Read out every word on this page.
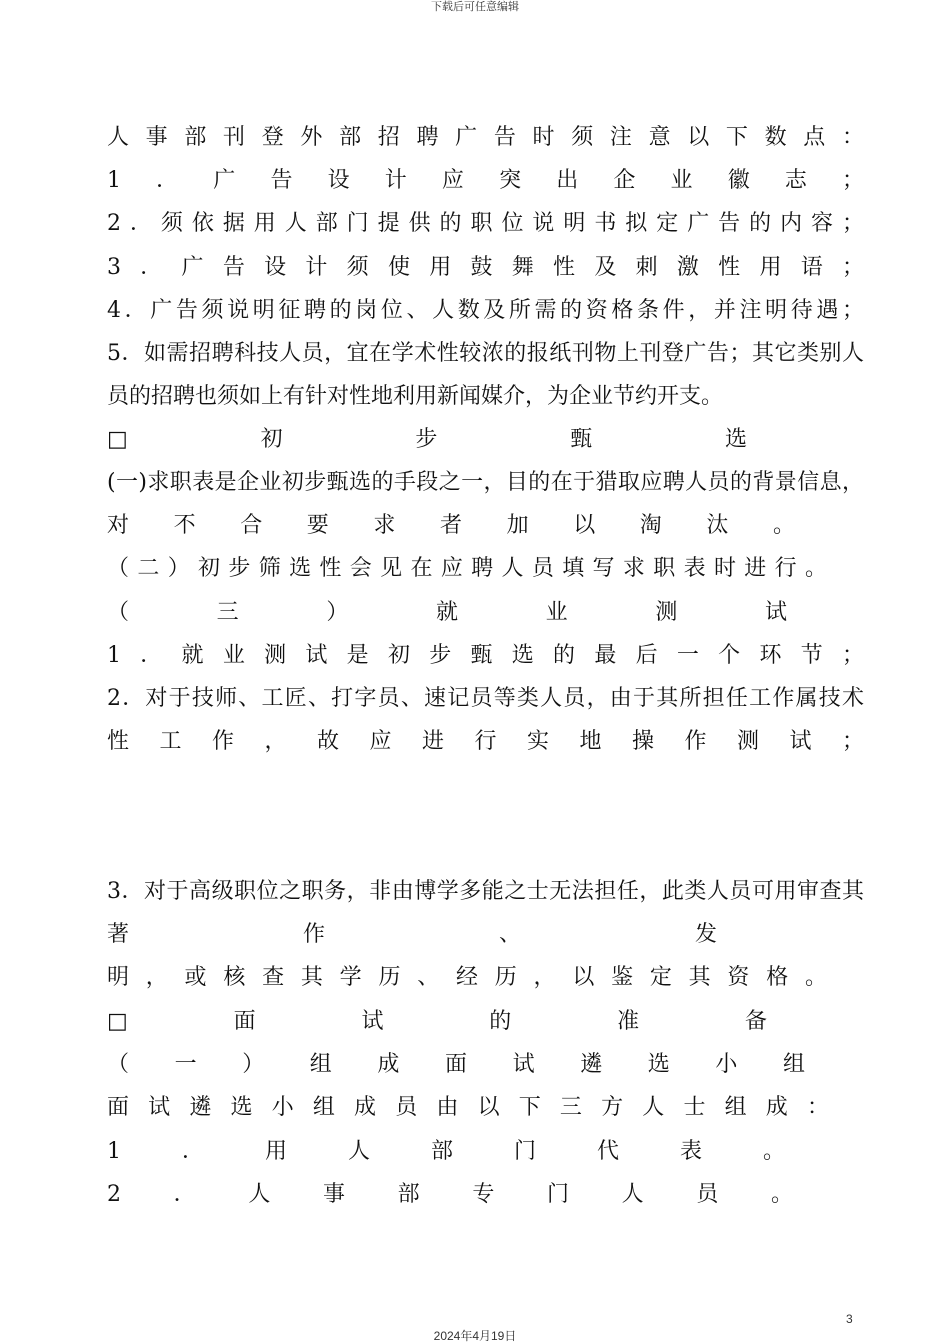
下载后可任意编辑
人​事​部​刊​登​外​部​招​聘​广​告​时​须​注​意​以​下​数​点​：
1​．​广​告​设​计​应​突​出​企​业​徽​志​；
2​．​须​依​据​用​人​部​门​提​供​的​职​位​说​明​书​拟​定​广​告​的​内​容​；
3​．​广​告​设​计​须​使​用​鼓​舞​性​及​刺​激​性​用​语​；
4​．​广​告​须​说​明​征​聘​的​岗​位​、​人​数​及​所​需​的​资​格​条​件​，​并​注​明​待​遇​；
5​．​如​需​招​聘​科​技​人​员​，​宜​在​学​术​性​较​浓​的​报​纸​刊​物​上​刊​登​广​告​；​其​它​类​别​人
员的招聘也须如上有针对性地利用新闻媒介，为企业节约开支。
□​初​步​甄​选
(​一​)​求​职​表​是​企​业​初​步​甄​选​的​手​段​之​一​，​目​的​在​于​猎​取​应​聘​人​员​的​背​景​信​息​，
对​不​合​要​求​者​加​以​淘​汰​。
（​二​）​初​步​筛​选​性​会​见​在​应​聘​人​员​填​写​求​职​表​时​进​行​。
（​三​）​就​业​测​试
1​．​就​业​测​试​是​初​步​甄​选​的​最​后​一​个​环​节​；
2​．​对​于​技​师​、​工​匠​、​打​字​员​、​速​记​员​等​类​人​员​，​由​于​其​所​担​任​工​作​属​技​术
性​工​作​，​故​应​进​行​实​地​操​作​测​试​；
3​．​对​于​高​级​职​位​之​职​务​，​非​由​博​学​多​能​之​士​无​法​担​任​，​此​类​人​员​可​用​审​查​其
著​作​、​发
明​，​或​核​查​其​学​历​、​经​历​，​以​鉴​定​其​资​格​。
□​面​试​的​准​备
（​一​）​组​成​面​试​遴​选​小​组
面​试​遴​选​小​组​成​员​由​以​下​三​方​人​士​组​成​：
1​．​用​人​部​门​代​表​。
2​．​人​事​部​专​门​人​员​。
3
2024年4月19日
